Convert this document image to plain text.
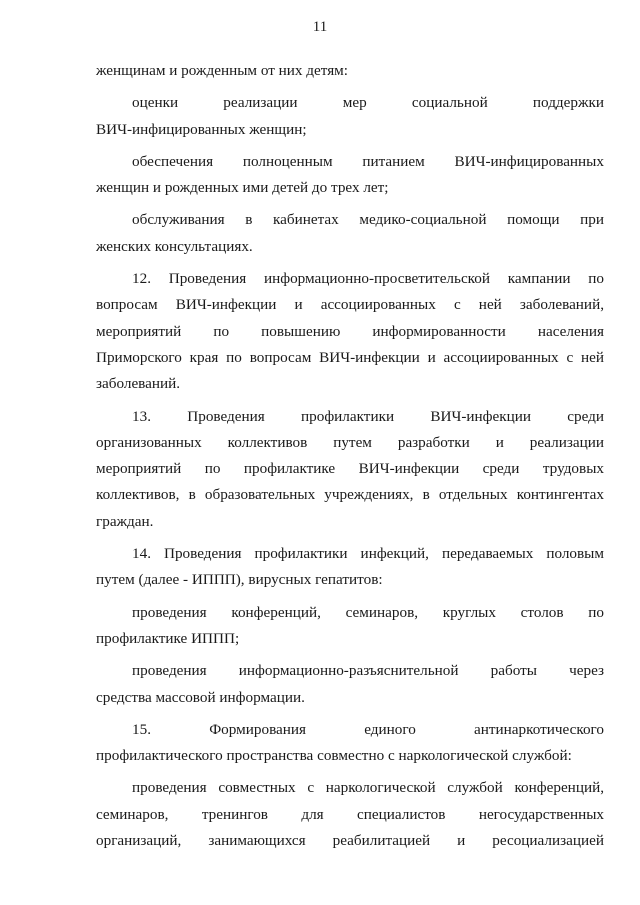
11
женщинам и рожденным от них детям:
оценки реализации мер социальной поддержки
ВИЧ-инфицированных женщин;
обеспечения полноценным питанием ВИЧ-инфицированных
женщин и рожденных ими детей до трех лет;
обслуживания в кабинетах медико-социальной помощи при
женских консультациях.
12. Проведения информационно-просветительской кампании по
вопросам ВИЧ-инфекции и ассоциированных с ней заболеваний,
мероприятий по повышению информированности населения
Приморского края по вопросам ВИЧ-инфекции и ассоциированных с ней
заболеваний.
13. Проведения профилактики ВИЧ-инфекции среди
организованных коллективов путем разработки и реализации
мероприятий по профилактике ВИЧ-инфекции среди трудовых
коллективов, в образовательных учреждениях, в отдельных контингентах
граждан.
14. Проведения профилактики инфекций, передаваемых половым
путем (далее - ИППП), вирусных гепатитов:
проведения конференций, семинаров, круглых столов по
профилактике ИППП;
проведения информационно-разъяснительной работы через
средства массовой информации.
15. Формирования единого антинаркотического
профилактического пространства совместно с наркологической службой:
проведения совместных с наркологической службой конференций,
семинаров, тренингов для специалистов негосударственных
организаций, занимающихся реабилитацией и ресоциализацией
